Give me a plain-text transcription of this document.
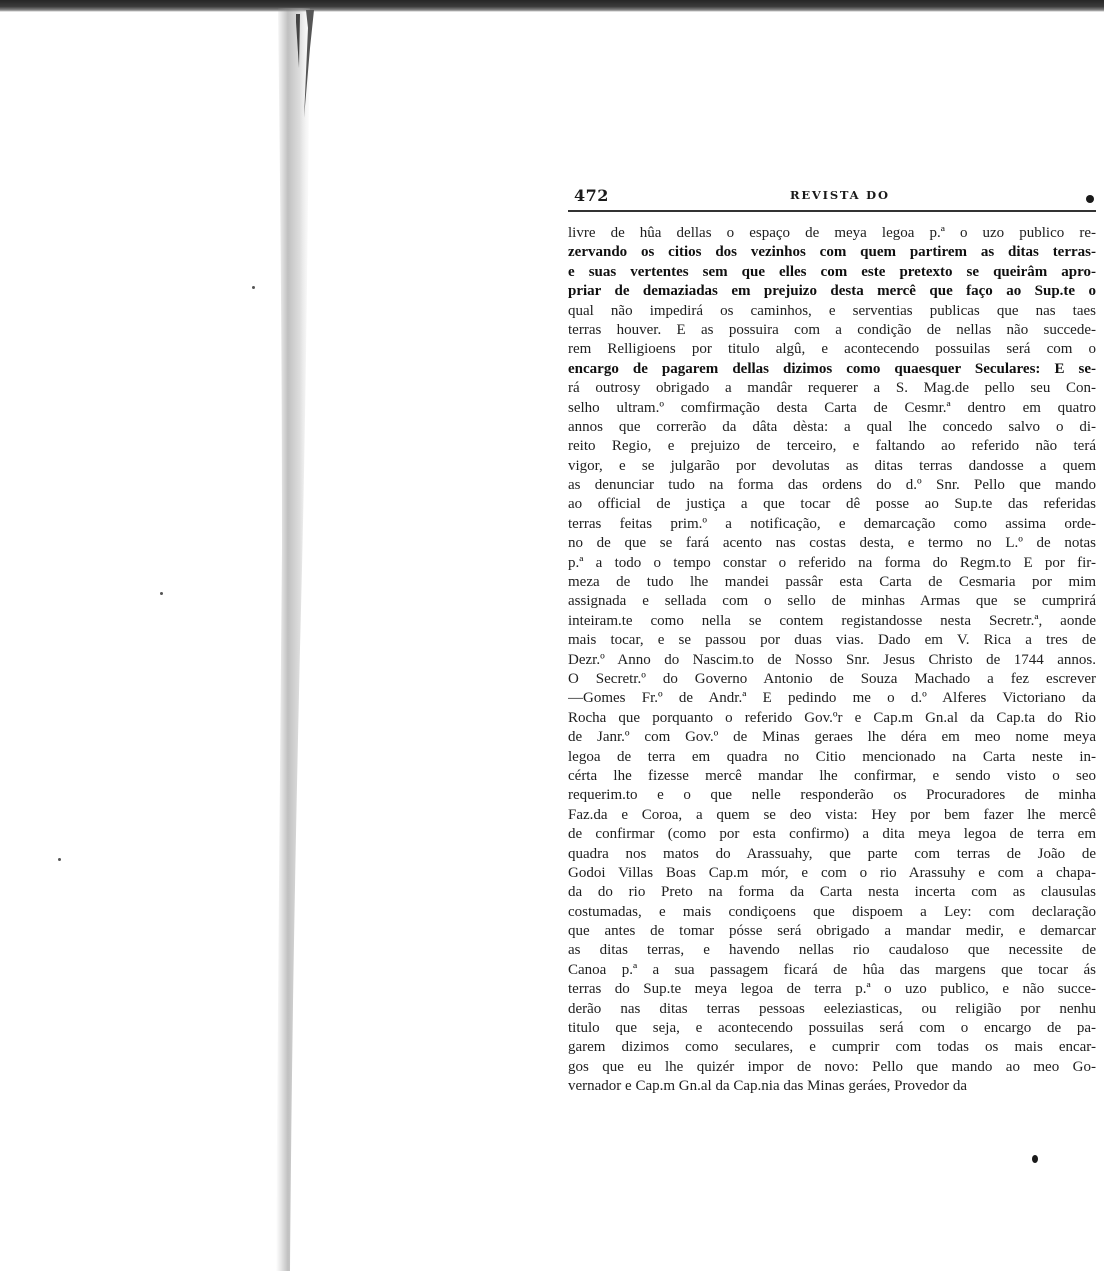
472	REVISTA DO
livre de hûa dellas o espaço de meya legoa p.ª o uzo publico re-
zervando os citios dos vezinhos com quem partirem as ditas terras-
e suas vertentes sem que elles com este pretexto se queirâm apro-
priar de demaziadas em prejuizo desta mercê que faço ao Sup.te o
qual não impedirá os caminhos, e serventias publicas que nas taes
terras houver. E as possuira com a condição de nellas não succede-
rem Relligioens por titulo algû, e acontecendo possuilas será com o
encargo de pagarem dellas dizimos como quaesquer Seculares: E se-
rá outrosy obrigado a mandâr requerer a S. Mag.de pello seu Con-
selho ultram.º comfirmação desta Carta de Cesmr.ª dentro em quatro
annos que correrão da dâta dèsta: a qual lhe concedo salvo o di-
reito Regio, e prejuizo de terceiro, e faltando ao referido não terá
vigor, e se julgarão por devolutas as ditas terras dandosse a quem
as denunciar tudo na forma das ordens do d.º Snr. Pello que mando
ao official de justiça a que tocar dê posse ao Sup.te das referidas
terras feitas prim.º a notificação, e demarcação como assima orde-
no de que se fará acento nas costas desta, e termo no L.º de notas
p.ª a todo o tempo constar o referido na forma do Regm.to E por fir-
meza de tudo lhe mandei passâr esta Carta de Cesmaria por mim
assignada e sellada com o sello de minhas Armas que se cumprirá
inteiram.te como nella se contem registandosse nesta Secretr.ª, aonde
mais tocar, e se passou por duas vias. Dado em V. Rica a tres de
Dezr.º Anno do Nascim.to de Nosso Snr. Jesus Christo de 1744 annos.
O Secretr.º do Governo Antonio de Souza Machado a fez escrever
—Gomes Fr.º de Andr.ª E pedindo me o d.º Alferes Victoriano da
Rocha que porquanto o referido Gov.ºr e Cap.m Gn.al da Cap.ta do Rio
de Janr.º com Gov.º de Minas geraes lhe déra em meo nome meya
legoa de terra em quadra no Citio mencionado na Carta neste in-
cérta lhe fizesse mercê mandar lhe confirmar, e sendo visto o seo
requerim.to e o que nelle responderão os Procuradores de minha
Faz.da e Coroa, a quem se deo vista: Hey por bem fazer lhe mercê
de confirmar (como por esta confirmo) a dita meya legoa de terra em
quadra nos matos do Arassuahy, que parte com terras de João de
Godoi Villas Boas Cap.m mór, e com o rio Arassuhy e com a chapa-
da do rio Preto na forma da Carta nesta incerta com as clausulas
costumadas, e mais condiçoens que dispoem a Ley: com declaração
que antes de tomar pósse será obrigado a mandar medir, e demarcar
as ditas terras, e havendo nellas rio caudaloso que necessite de
Canoa p.ª a sua passagem ficará de hûa das margens que tocar ás
terras do Sup.te meya legoa de terra p.ª o uzo publico, e não succe-
derão nas ditas terras pessoas eeleziasticas, ou religião por nenhu
titulo que seja, e acontecendo possuilas será com o encargo de pa-
garem dizimos como seculares, e cumprir com todas os mais encar-
gos que eu lhe quizér impor de novo: Pello que mando ao meo Go-
vernador e Cap.m Gn.al da Cap.nia das Minas geráes, Provedor da
